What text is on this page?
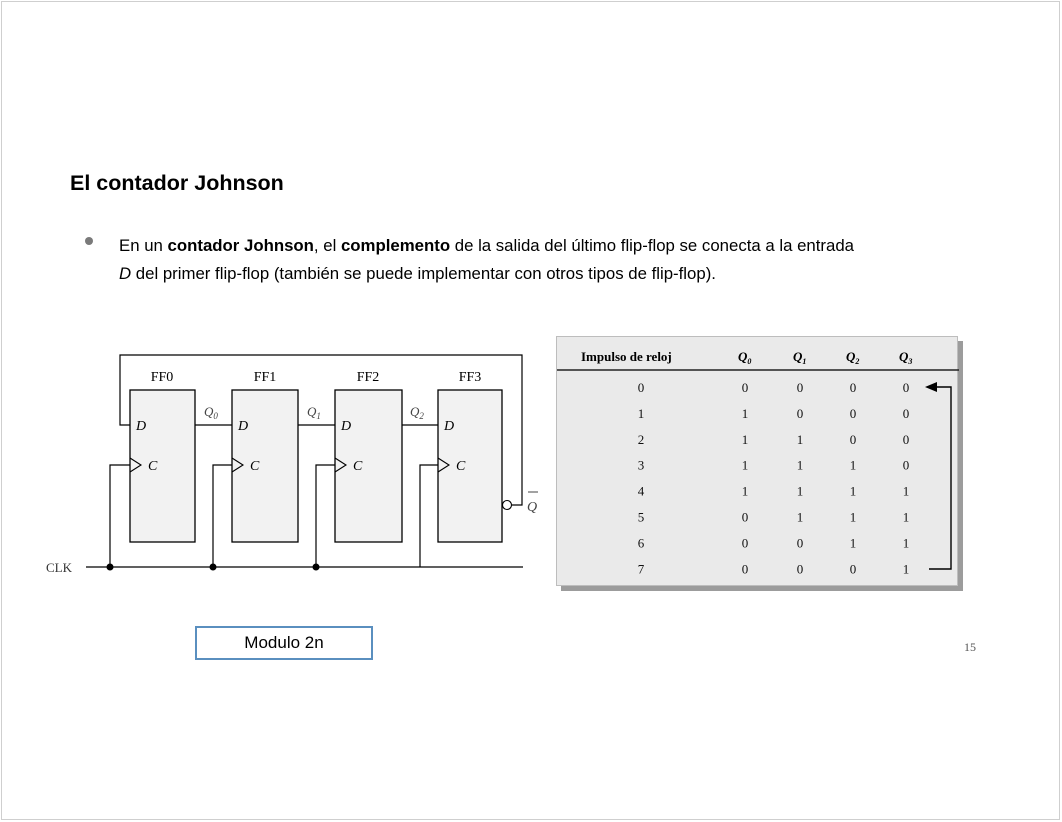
El contador Johnson
En un contador Johnson, el complemento de la salida del último flip-flop se conecta a la entrada
D del primer flip-flop (también se puede implementar con otros tipos de flip-flop).
FF0	FF1	FF2	FF3
D	D	D	D
C	C	C	C
$Q_0$	$Q_1$	$Q_2$
Q
CLK
Impulso de reloj	$Q_0$	$Q_1$	$Q_2$	$Q_3$
0	0	0	0	0
1	1	0	0	0
2	1	1	0	0
3	1	1	1	0
4	1	1	1	1
5	0	1	1	1
6	0	0	1	1
7	0	0	0	1
Modulo 2n	15
